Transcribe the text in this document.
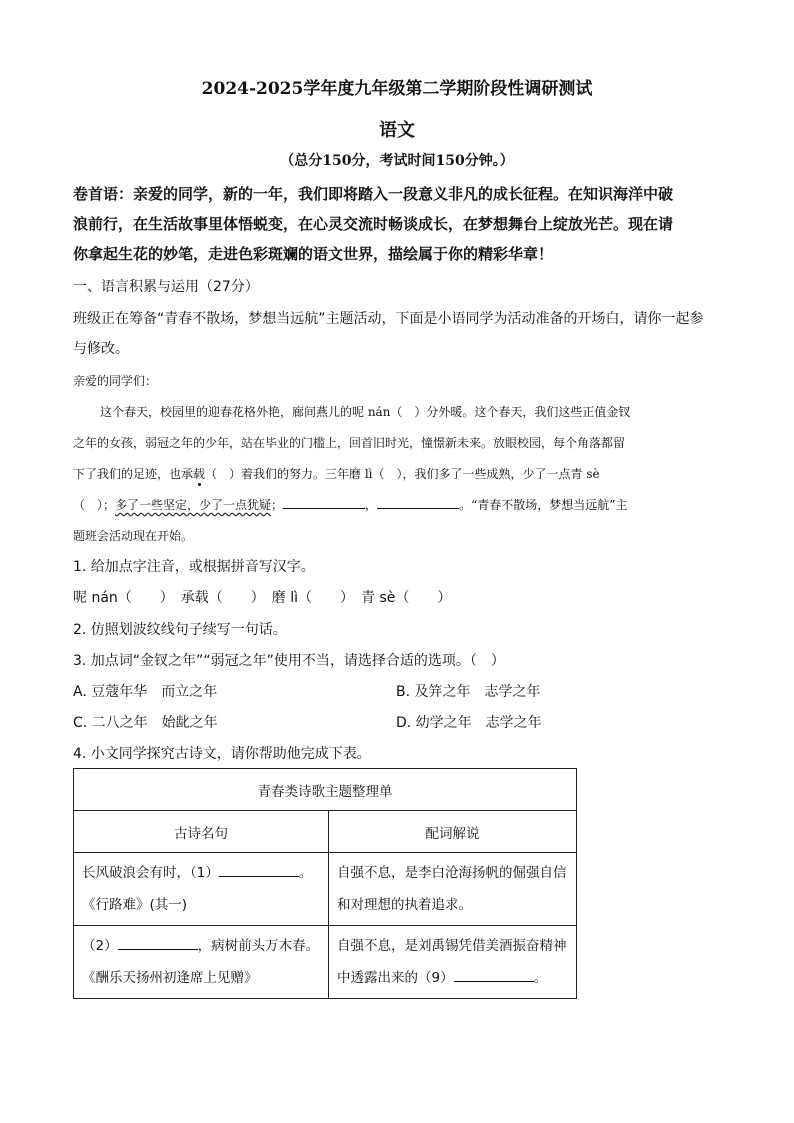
2024-2025学年度九年级第二学期阶段性调研测试
语文
（总分150分，考试时间150分钟。）
卷首语：亲爱的同学，新的一年，我们即将踏入一段意义非凡的成长征程。在知识海洋中破
浪前行，在生活故事里体悟蜕变，在心灵交流时畅谈成长，在梦想舞台上绽放光芒。现在请
你拿起生花的妙笔，走进色彩斑斓的语文世界，描绘属于你的精彩华章！
一、语言积累与运用（27分）
班级正在筹备“青春不散场，梦想当远航”主题活动，下面是小语同学为活动准备的开场白，请你一起参
与修改。
亲爱的同学们：
这个春天，校园里的迎春花格外艳，廊间燕儿的呢 nán（　）分外暖。这个春天，我们这些正值金钗
之年的女孩，弱冠之年的少年，站在毕业的门槛上，回首旧时光，憧憬新未来。放眼校园，每个角落都留
下了我们的足迹，也承载（　）着我们的努力。三年磨 lì（　），我们多了一些成熟，少了一点青 sè
（　）；多了一些坚定，少了一点犹疑；	，	。“青春不散场，梦想当远航”主
题班会活动现在开始。
1. 给加点字注音，或根据拼音写汉字。
呢 nán（　　）　承载（　　）　磨 lì（　　）　青 sè（　　）
2. 仿照划波纹线句子续写一句话。
3. 加点词“金钗之年”“弱冠之年”使用不当，请选择合适的选项。（　）
A. 豆蔻年华　而立之年	B. 及笄之年　志学之年
C. 二八之年　始龀之年	D. 幼学之年　志学之年
4. 小文同学探究古诗文，请你帮助他完成下表。
青春类诗歌主题整理单	
古诗名句	配词解说

长风破浪会有时，（1） 。
《行路难》(其一)	自强不息，是李白沧海扬帆的倔强自信
和对理想的执着追求。

（2） ，病树前头万木春。
《酬乐天扬州初逢席上见赠》	自强不息，是刘禹锡凭借美酒振奋精神
中透露出来的（9） 。
